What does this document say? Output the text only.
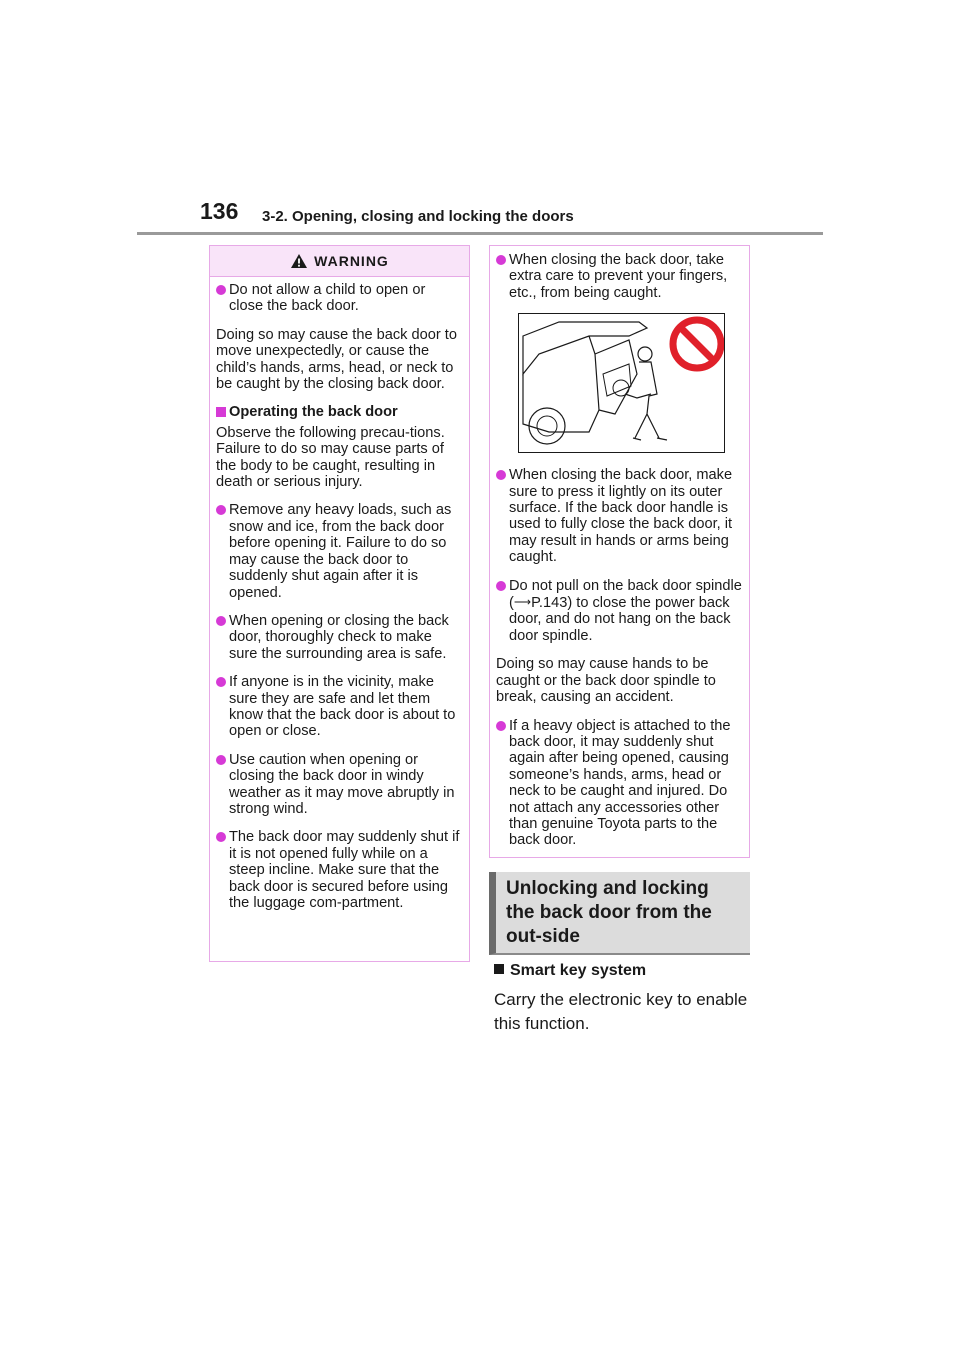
136 3-2. Opening, closing and locking the doors
WARNING
Do not allow a child to open or close the back door.
Doing so may cause the back door to move unexpectedly, or cause the child’s hands, arms, head, or neck to be caught by the closing back door.
Operating the back door
Observe the following precau-tions. Failure to do so may cause parts of the body to be caught, resulting in death or serious injury.
Remove any heavy loads, such as snow and ice, from the back door before opening it. Failure to do so may cause the back door to suddenly shut again after it is opened.
When opening or closing the back door, thoroughly check to make sure the surrounding area is safe.
If anyone is in the vicinity, make sure they are safe and let them know that the back door is about to open or close.
Use caution when opening or closing the back door in windy weather as it may move abruptly in strong wind.
The back door may suddenly shut if it is not opened fully while on a steep incline. Make sure that the back door is secured before using the luggage com-partment.
When closing the back door, take extra care to prevent your fingers, etc., from being caught.
When closing the back door, make sure to press it lightly on its outer surface. If the back door handle is used to fully close the back door, it may result in hands or arms being caught.
Do not pull on the back door spindle (⟶P.143) to close the power back door, and do not hang on the back door spindle.
Doing so may cause hands to be caught or the back door spindle to break, causing an accident.
If a heavy object is attached to the back door, it may suddenly shut again after being opened, causing someone’s hands, arms, head or neck to be caught and injured. Do not attach any accessories other than genuine Toyota parts to the back door.
Unlocking and locking the back door from the out-side
Smart key system
Carry the electronic key to enable this function.
